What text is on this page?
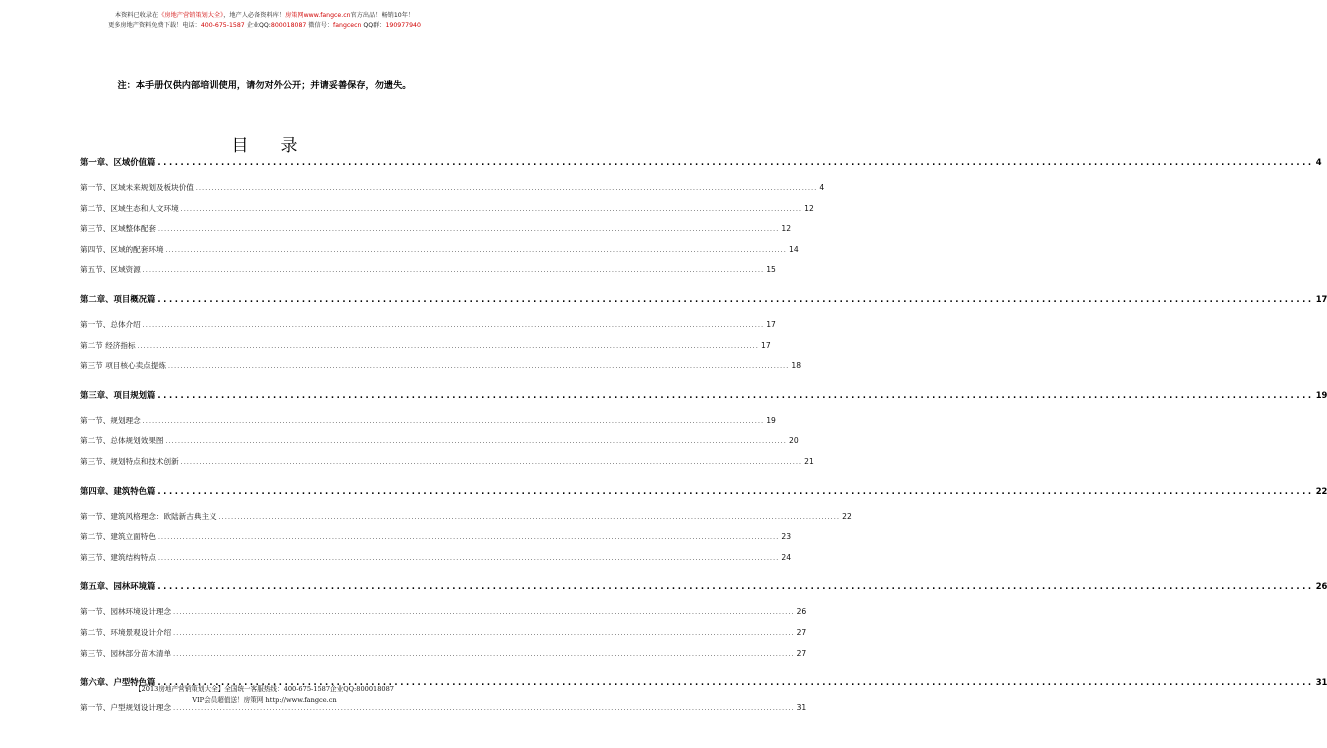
本资料已收录在《房地产营销策划大全》，地产人必备资料库！房策网www.fangce.cn官方出品！畅销10年！
更多房地产资料免费下载！电话：400-675-1587 企业QQ:800018087 微信号：fangcecn QQ群：190977940
注：本手册仅供内部培训使用，请勿对外公开；并请妥善保存，勿遗失。
目录
第一章、区域价值篇 ........................................................................................................................................................................................................ 4
第一节、区域未来规划及板块价值 ........................................................................................................................................................................................................ 4
第二节、区域生态和人文环境 ........................................................................................................................................................................................................ 12
第三节、区域整体配套 ........................................................................................................................................................................................................ 12
第四节、区域的配套环境 ........................................................................................................................................................................................................ 14
第五节、区域资源 ........................................................................................................................................................................................................ 15
第二章、项目概况篇 ........................................................................................................................................................................................................ 17
第一节、总体介绍 ........................................................................................................................................................................................................ 17
第二节 经济指标 ........................................................................................................................................................................................................ 17
第三节 项目核心卖点提炼 ........................................................................................................................................................................................................ 18
第三章、项目规划篇 ........................................................................................................................................................................................................ 19
第一节、规划理念 ........................................................................................................................................................................................................ 19
第二节、总体规划效果图 ........................................................................................................................................................................................................ 20
第三节、规划特点和技术创新 ........................................................................................................................................................................................................ 21
第四章、建筑特色篇 ........................................................................................................................................................................................................ 22
第一节、建筑风格理念：欧陆新古典主义 ........................................................................................................................................................................................................ 22
第二节、建筑立面特色 ........................................................................................................................................................................................................ 23
第三节、建筑结构特点 ........................................................................................................................................................................................................ 24
第五章、园林环境篇 ........................................................................................................................................................................................................ 26
第一节、园林环境设计理念 ........................................................................................................................................................................................................ 26
第二节、环境景观设计介绍 ........................................................................................................................................................................................................ 27
第三节、园林部分苗木清单 ........................................................................................................................................................................................................ 27
第六章、户型特色篇 ........................................................................................................................................................................................................ 31
第一节、户型规划设计理念 ........................................................................................................................................................................................................ 31
【2013房地产营销策划大全】全国统一客服热线：400-675-1587企业QQ:800018087
VIP会员超值送！房策网 http://www.fangce.cn
